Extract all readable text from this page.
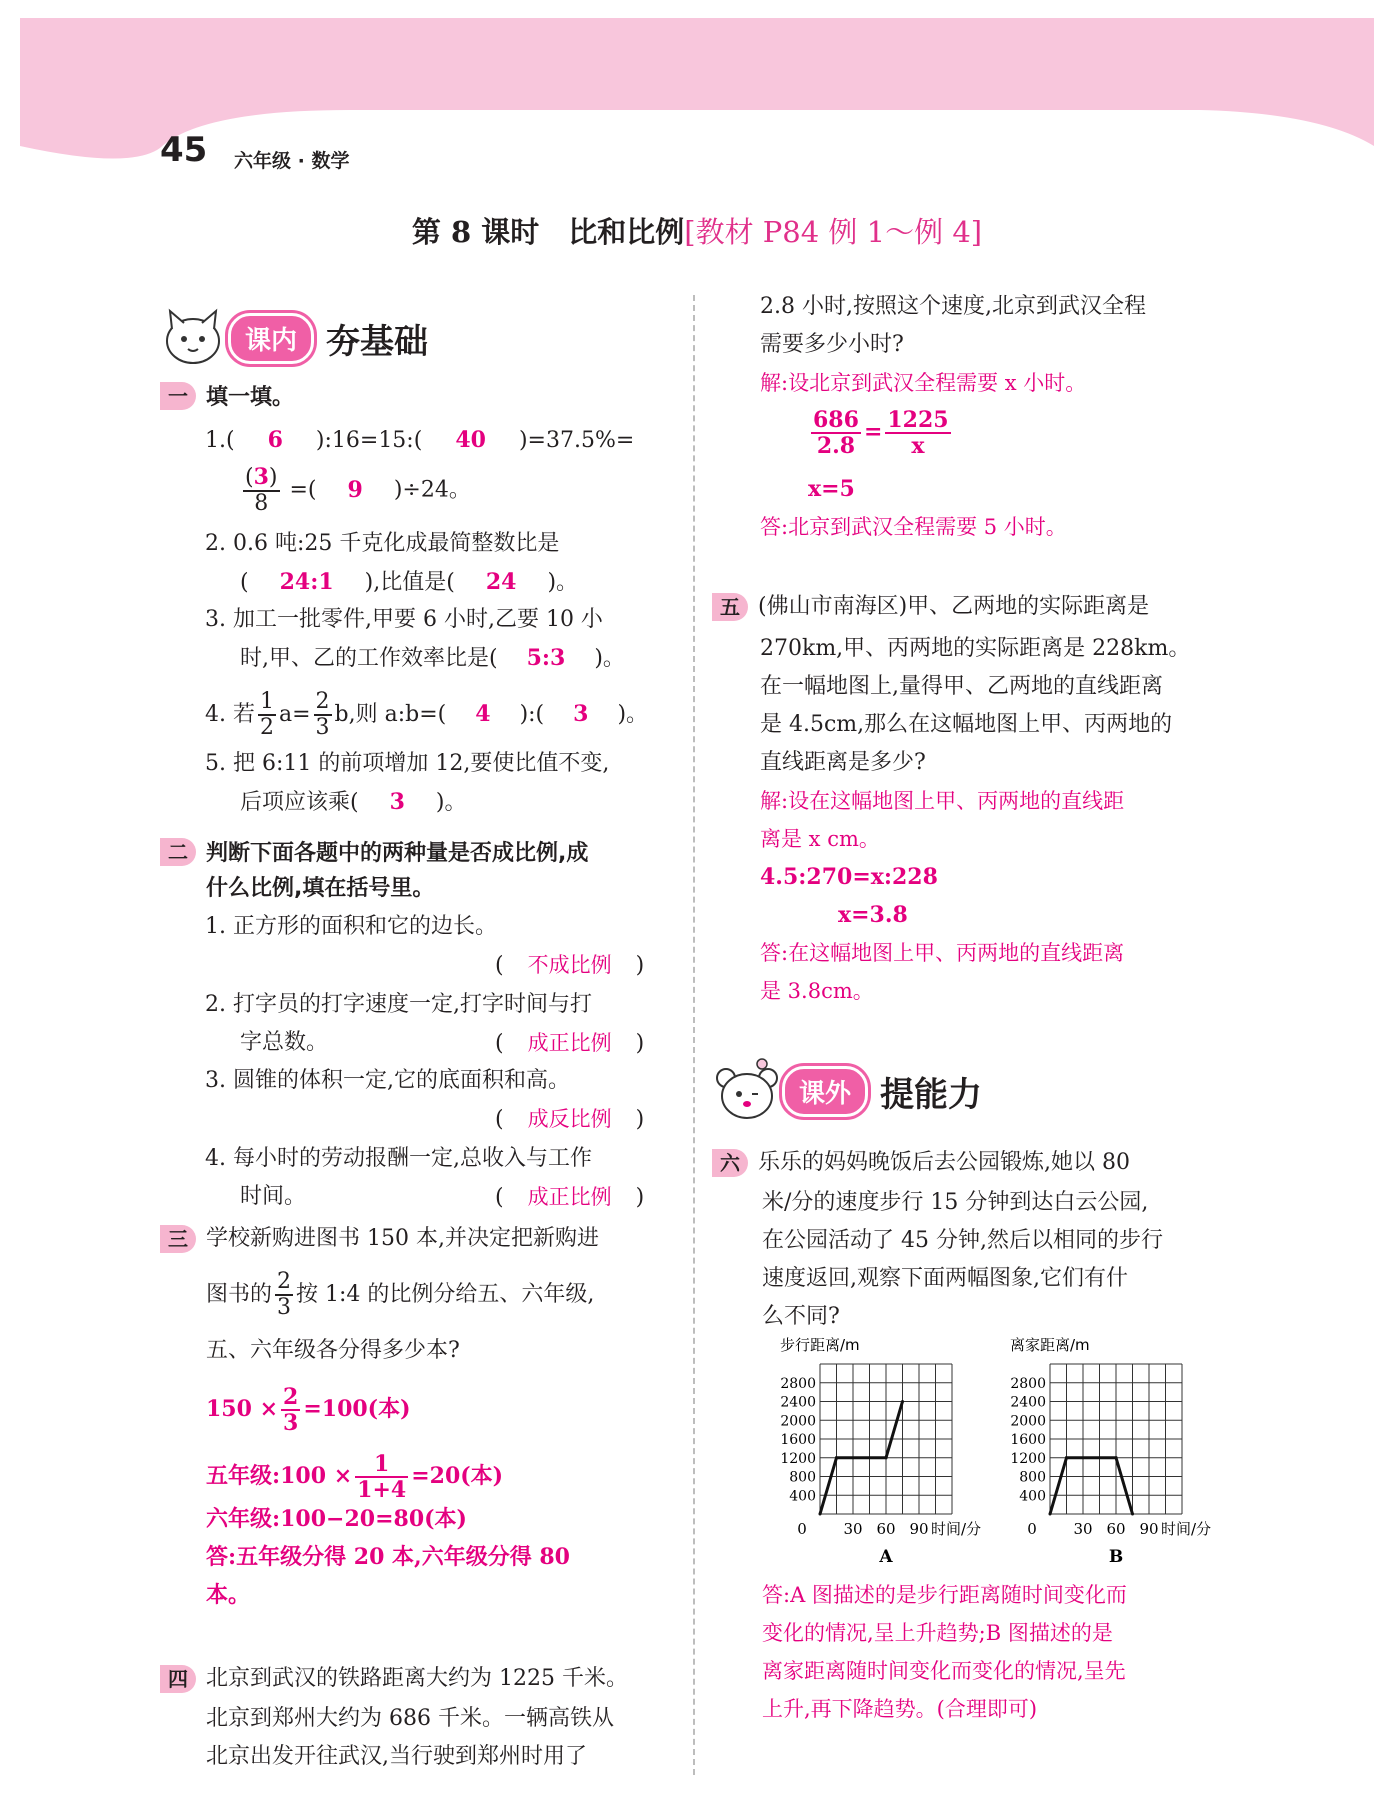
45 六年级 · 数学
第 8 课时　比和比例[教材 P84 例 1～例 4]
课内 夯基础
一 填一填。
1.( 6 ):16=15:( 40 )=37.5%=
$\frac{(3)}{8}$ =( 9 )÷24。
2. 0.6 吨:25 千克化成最简整数比是
( 24:1 ),比值是( 24 )。
3. 加工一批零件,甲要 6 小时,乙要 10 小
时,甲、乙的工作效率比是( 5:3 )。
4. 若 $\frac{1}{2} a= \frac{2}{3} b$,则 a:b=( 4 ):( 3 )。
5. 把 6:11 的前项增加 12,要使比值不变,
后项应该乘( 3 )。
二 判断下面各题中的两种量是否成比例,成
什么比例,填在括号里。
1. 正方形的面积和它的边长。
( 不成比例 )
2. 打字员的打字速度一定,打字时间与打
字总数。	( 成正比例 )
3. 圆锥的体积一定,它的底面积和高。
( 成反比例 )
4. 每小时的劳动报酬一定,总收入与工作
时间。	( 成正比例 )
三 学校新购进图书 150 本,并决定把新购进
图书的 $\frac{2}{3}$ 按 1:4 的比例分给五、六年级,
五、六年级各分得多少本?
$150 \times \frac{2}{3} =100$(本)
五年级:100 × $\frac{1}{1+4} =20$(本)
六年级:100−20=80(本)
答:五年级分得 20 本,六年级分得 80
本。
四 北京到武汉的铁路距离大约为 1225 千米。
北京到郑州大约为 686 千米。一辆高铁从
北京出发开往武汉,当行驶到郑州时用了
2.8 小时,按照这个速度,北京到武汉全程
需要多少小时?
解:设北京到武汉全程需要 x 小时。
$\frac{686}{2.8} = \frac{1225}{x}$
x=5
答:北京到武汉全程需要 5 小时。
五 (佛山市南海区)甲、乙两地的实际距离是
270km,甲、丙两地的实际距离是 228km。
在一幅地图上,量得甲、乙两地的直线距离
是 4.5cm,那么在这幅地图上甲、丙两地的
直线距离是多少?
解:设在这幅地图上甲、丙两地的直线距
离是 x cm。
4.5:270=x:228
x=3.8
答:在这幅地图上甲、丙两地的直线距离
是 3.8cm。
课外 提能力
六 乐乐的妈妈晚饭后去公园锻炼,她以 80
米/分的速度步行 15 分钟到达白云公园,
在公园活动了 45 分钟,然后以相同的步行
速度返回,观察下面两幅图象,它们有什
么不同?
步行距离/m
400
800
1200
1600
2000
2400
2800
0 30 60 90 时间/分
A
离家距离/m
400
800
1200
1600
2000
2400
2800
0 30 60 90 时间/分
B
答:A 图描述的是步行距离随时间变化而
变化的情况,呈上升趋势;B 图描述的是
离家距离随时间变化而变化的情况,呈先
上升,再下降趋势。(合理即可)
